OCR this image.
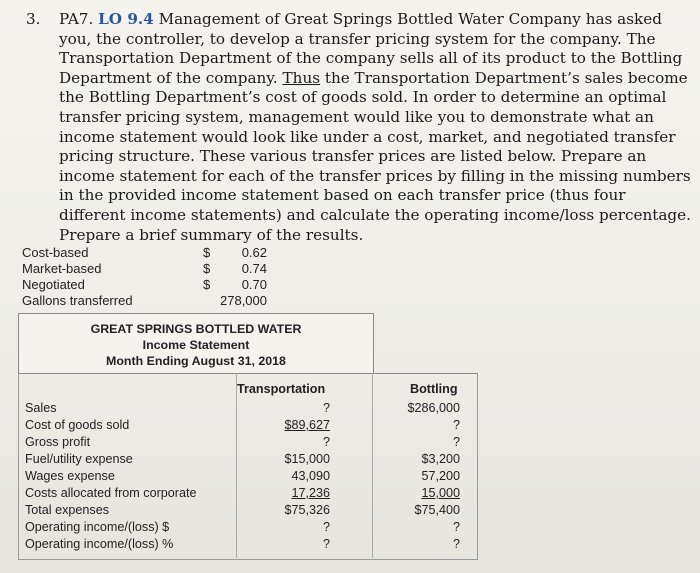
3. PA7. LO 9.4 Management of Great Springs Bottled Water Company has asked you, the controller, to develop a transfer pricing system for the company. The Transportation Department of the company sells all of its product to the Bottling Department of the company. Thus the Transportation Department’s sales become the Bottling Department’s cost of goods sold. In order to determine an optimal transfer pricing system, management would like you to demonstrate what an income statement would look like under a cost, market, and negotiated transfer pricing structure. These various transfer prices are listed below. Prepare an income statement for each of the transfer prices by filling in the missing numbers in the provided income statement based on each transfer price (thus four different income statements) and calculate the operating income/loss percentage. Prepare a brief summary of the results.
Cost-based	$ 0.62
Market-based	$ 0.74
Negotiated	$ 0.70
Gallons transferred	278,000
GREAT SPRINGS BOTTLED WATER
Income Statement
Month Ending August 31, 2018
Transportation	Bottling
Sales	?	$286,000
Cost of goods sold	$89,627	?
Gross profit	?	?
Fuel/utility expense	$15,000	$3,200
Wages expense	43,090	57,200
Costs allocated from corporate	17,236	15,000
Total expenses	$75,326	$75,400
Operating income/(loss) $	?	?
Operating income/(loss) %	?	?
